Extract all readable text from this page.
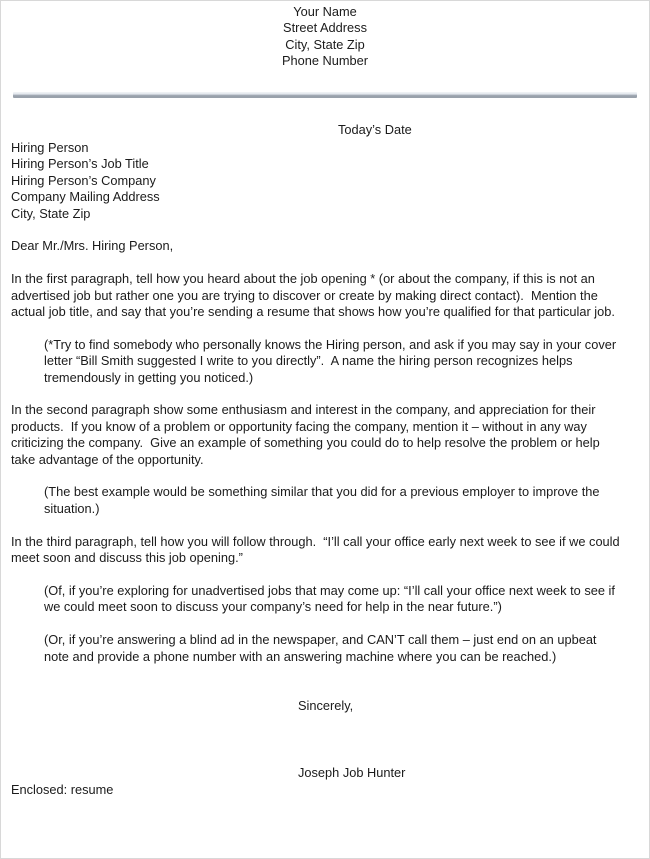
Your Name
Street Address
City, State Zip
Phone Number
Today’s Date
Hiring Person
Hiring Person’s Job Title
Hiring Person’s Company
Company Mailing Address
City, State Zip
Dear Mr./Mrs. Hiring Person,
In the first paragraph, tell how you heard about the job opening * (or about the company, if this is not an advertised job but rather one you are trying to discover or create by making direct contact).  Mention the actual job title, and say that you’re sending a resume that shows how you’re qualified for that particular job.
(*Try to find somebody who personally knows the Hiring person, and ask if you may say in your cover letter “Bill Smith suggested I write to you directly”.  A name the hiring person recognizes helps tremendously in getting you noticed.)
In the second paragraph show some enthusiasm and interest in the company, and appreciation for their products.  If you know of a problem or opportunity facing the company, mention it – without in any way criticizing the company.  Give an example of something you could do to help resolve the problem or help take advantage of the opportunity.
(The best example would be something similar that you did for a previous employer to improve the situation.)
In the third paragraph, tell how you will follow through.  “I’ll call your office early next week to see if we could meet soon and discuss this job opening.”
(Of, if you’re exploring for unadvertised jobs that may come up: “I’ll call your office next week to see if we could meet soon to discuss your company’s need for help in the near future.”)
(Or, if you’re answering a blind ad in the newspaper, and CAN’T call them – just end on an upbeat note and provide a phone number with an answering machine where you can be reached.)
Sincerely,
Joseph Job Hunter
Enclosed: resume
